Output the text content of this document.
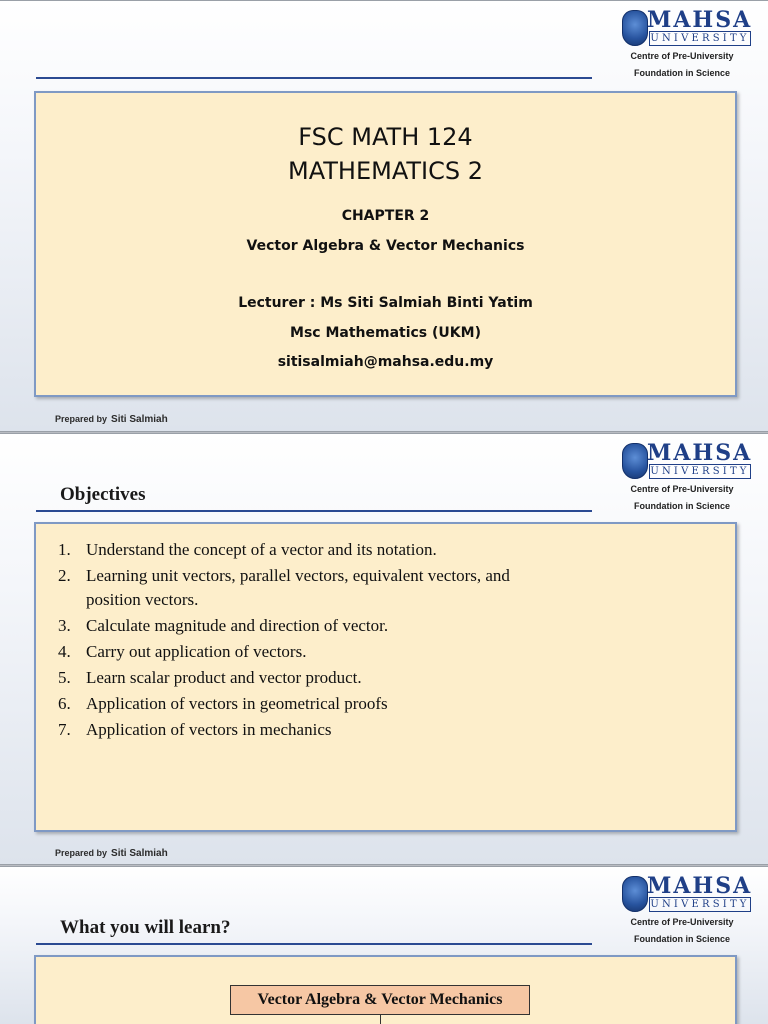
MAHSA
UNIVERSITY
Centre of Pre-University
Foundation in Science
FSC MATH 124
MATHEMATICS 2
CHAPTER 2
Vector Algebra & Vector Mechanics
Lecturer : Ms Siti Salmiah Binti Yatim
Msc Mathematics (UKM)
sitisalmiah@mahsa.edu.my
Prepared by Siti Salmiah
MAHSA
UNIVERSITY
Centre of Pre-University
Foundation in Science
Objectives
1. Understand the concept of a vector and its notation.
2. Learning unit vectors, parallel vectors, equivalent vectors, and position vectors.
3. Calculate magnitude and direction of vector.
4. Carry out application of vectors.
5. Learn scalar product and vector product.
6. Application of vectors in geometrical proofs
7. Application of vectors in mechanics
Prepared by Siti Salmiah
MAHSA
UNIVERSITY
Centre of Pre-University
Foundation in Science
What you will learn?
Vector Algebra & Vector Mechanics
